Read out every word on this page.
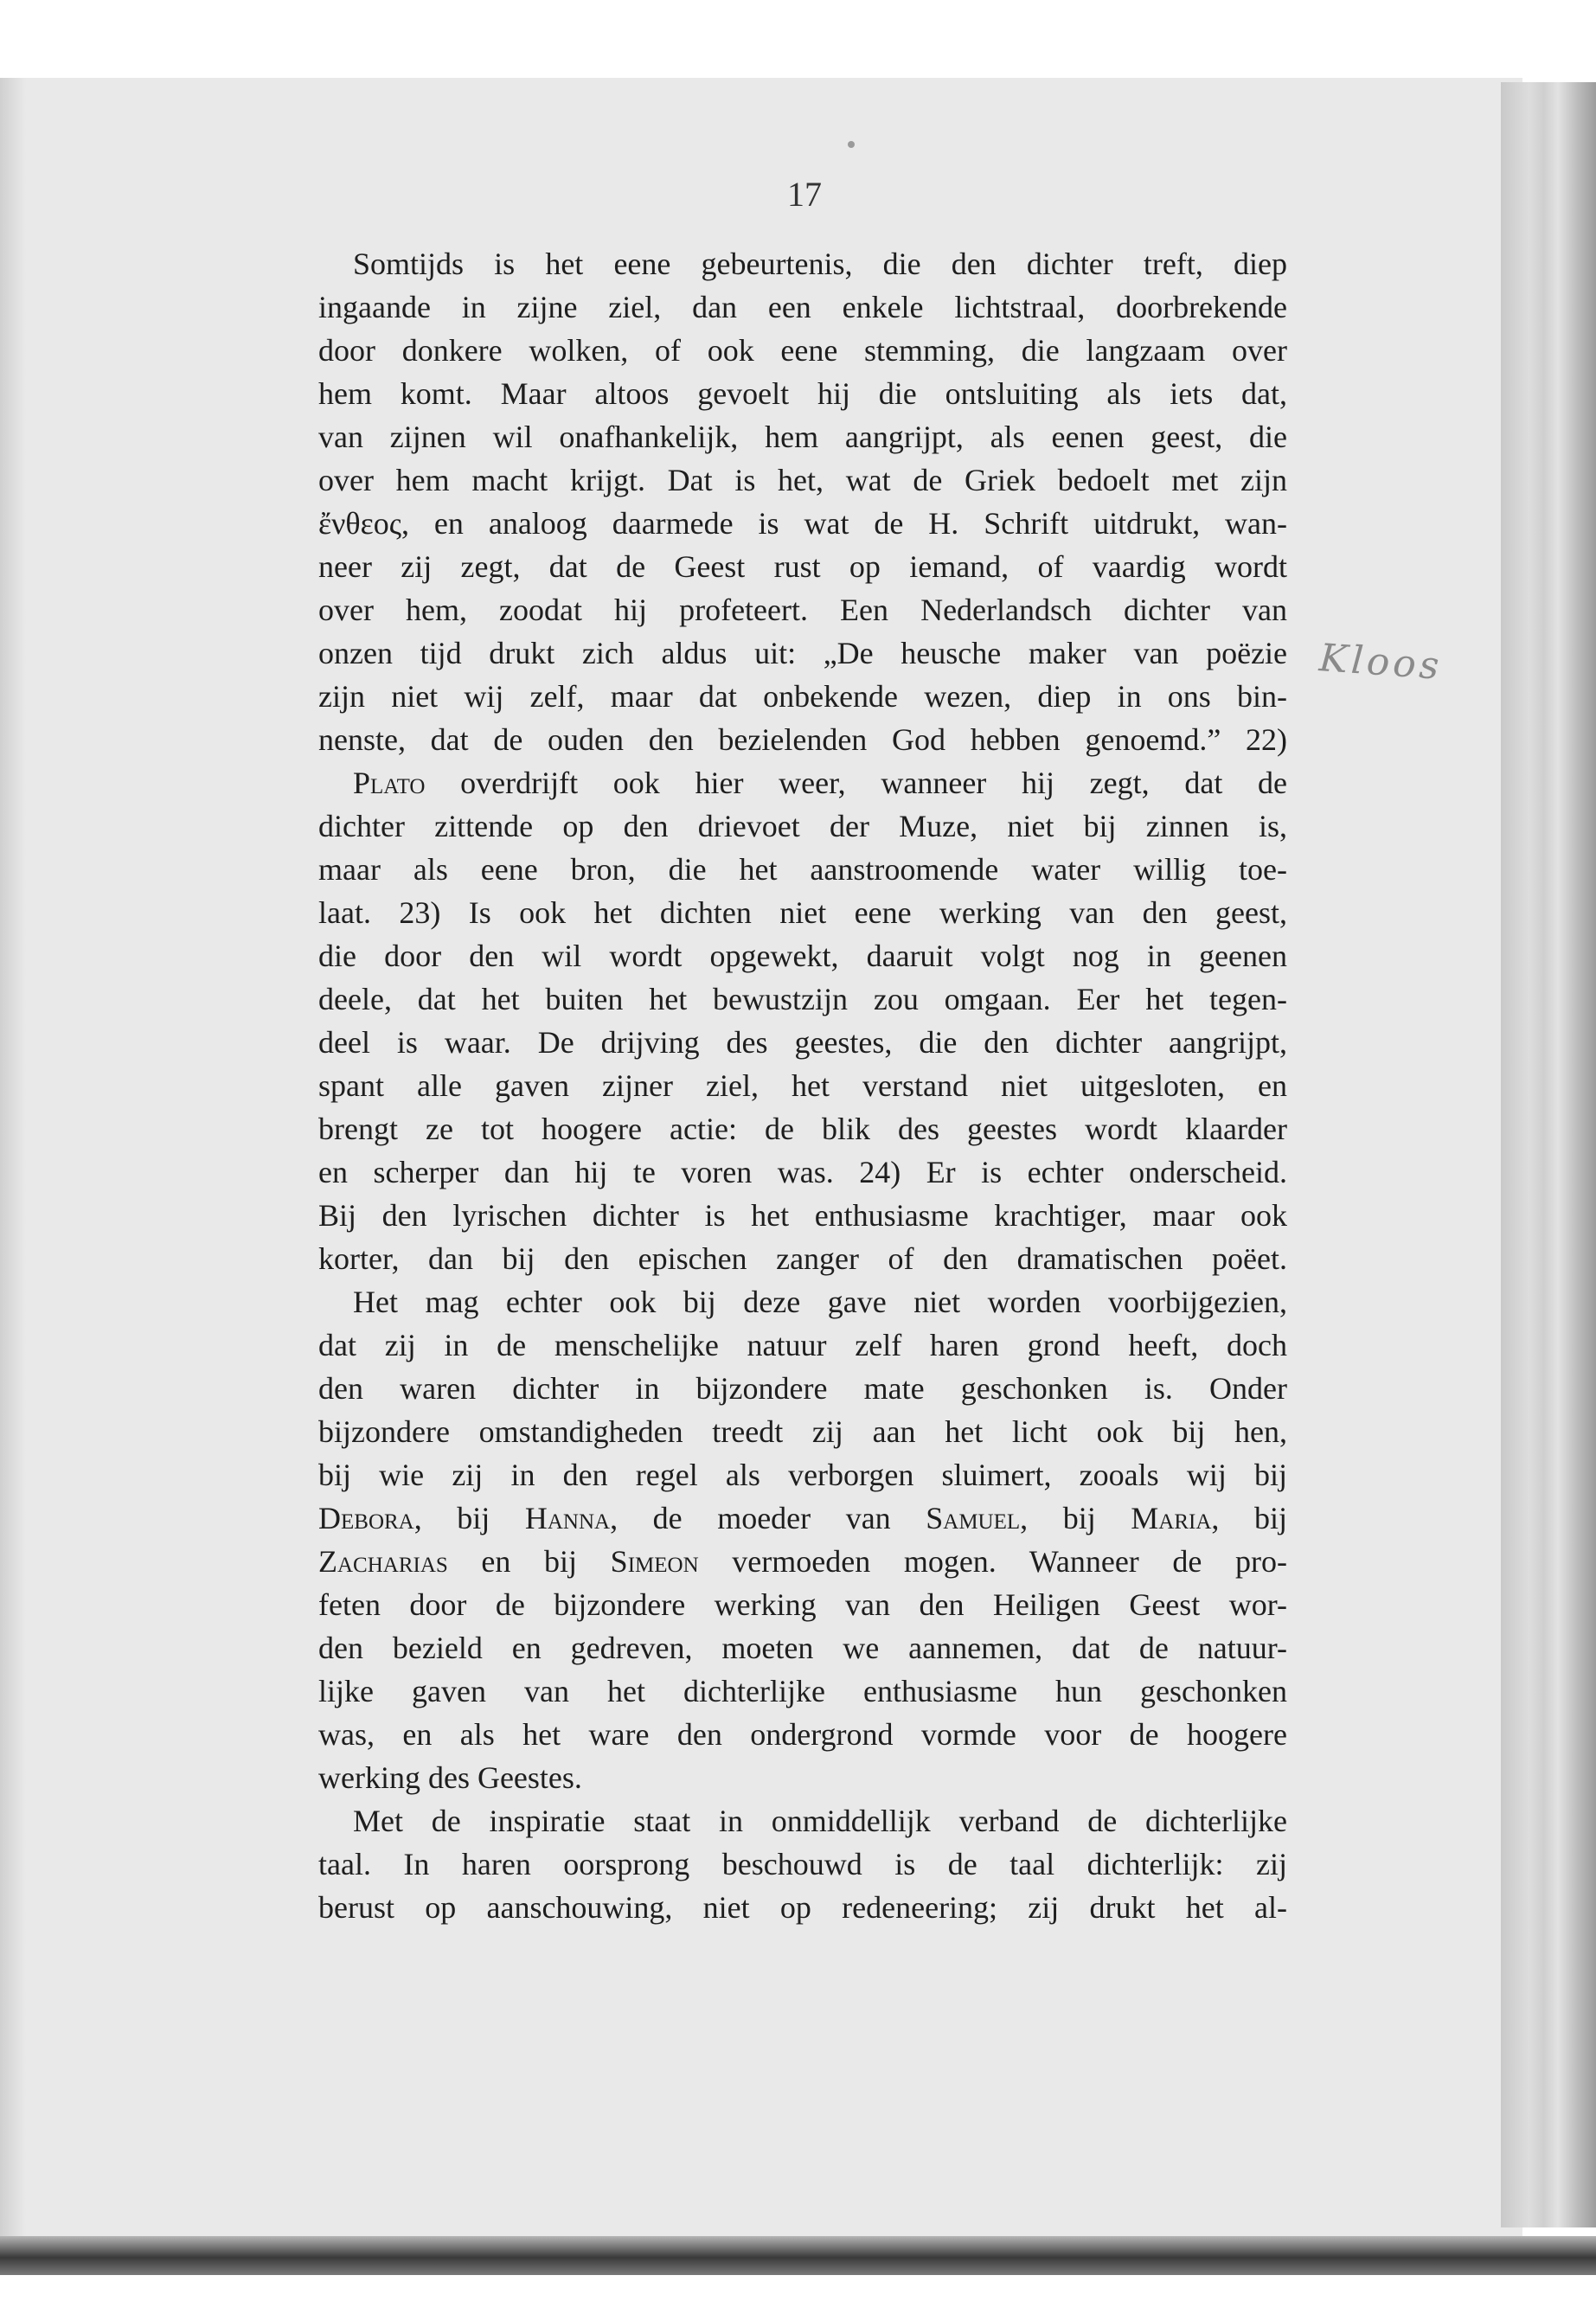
17
Somtijds is het eene gebeurtenis, die den dichter treft, diep
ingaande in zijne ziel, dan een enkele lichtstraal, doorbrekende
door donkere wolken, of ook eene stemming, die langzaam over
hem komt. Maar altoos gevoelt hij die ontsluiting als iets dat,
van zijnen wil onafhankelijk, hem aangrijpt, als eenen geest, die
over hem macht krijgt. Dat is het, wat de Griek bedoelt met zijn
ἔνθεος, en analoog daarmede is wat de H. Schrift uitdrukt, wan-
neer zij zegt, dat de Geest rust op iemand, of vaardig wordt
over hem, zoodat hij profeteert. Een Nederlandsch dichter van
onzen tijd drukt zich aldus uit: „De heusche maker van poëzie
zijn niet wij zelf, maar dat onbekende wezen, diep in ons bin-
nenste, dat de ouden den bezielenden God hebben genoemd.” 22)
Plato overdrijft ook hier weer, wanneer hij zegt, dat de
dichter zittende op den drievoet der Muze, niet bij zinnen is,
maar als eene bron, die het aanstroomende water willig toe-
laat. 23) Is ook het dichten niet eene werking van den geest,
die door den wil wordt opgewekt, daaruit volgt nog in geenen
deele, dat het buiten het bewustzijn zou omgaan. Eer het tegen-
deel is waar. De drijving des geestes, die den dichter aangrijpt,
spant alle gaven zijner ziel, het verstand niet uitgesloten, en
brengt ze tot hoogere actie: de blik des geestes wordt klaarder
en scherper dan hij te voren was. 24) Er is echter onderscheid.
Bij den lyrischen dichter is het enthusiasme krachtiger, maar ook
korter, dan bij den epischen zanger of den dramatischen poëet.
Het mag echter ook bij deze gave niet worden voorbijgezien,
dat zij in de menschelijke natuur zelf haren grond heeft, doch
den waren dichter in bijzondere mate geschonken is. Onder
bijzondere omstandigheden treedt zij aan het licht ook bij hen,
bij wie zij in den regel als verborgen sluimert, zooals wij bij
Debora, bij Hanna, de moeder van Samuel, bij Maria, bij
Zacharias en bij Simeon vermoeden mogen. Wanneer de pro-
feten door de bijzondere werking van den Heiligen Geest wor-
den bezield en gedreven, moeten we aannemen, dat de natuur-
lijke gaven van het dichterlijke enthusiasme hun geschonken
was, en als het ware den ondergrond vormde voor de hoogere
werking des Geestes.
Met de inspiratie staat in onmiddellijk verband de dichterlijke
taal. In haren oorsprong beschouwd is de taal dichterlijk: zij
berust op aanschouwing, niet op redeneering; zij drukt het al-
Kloos
